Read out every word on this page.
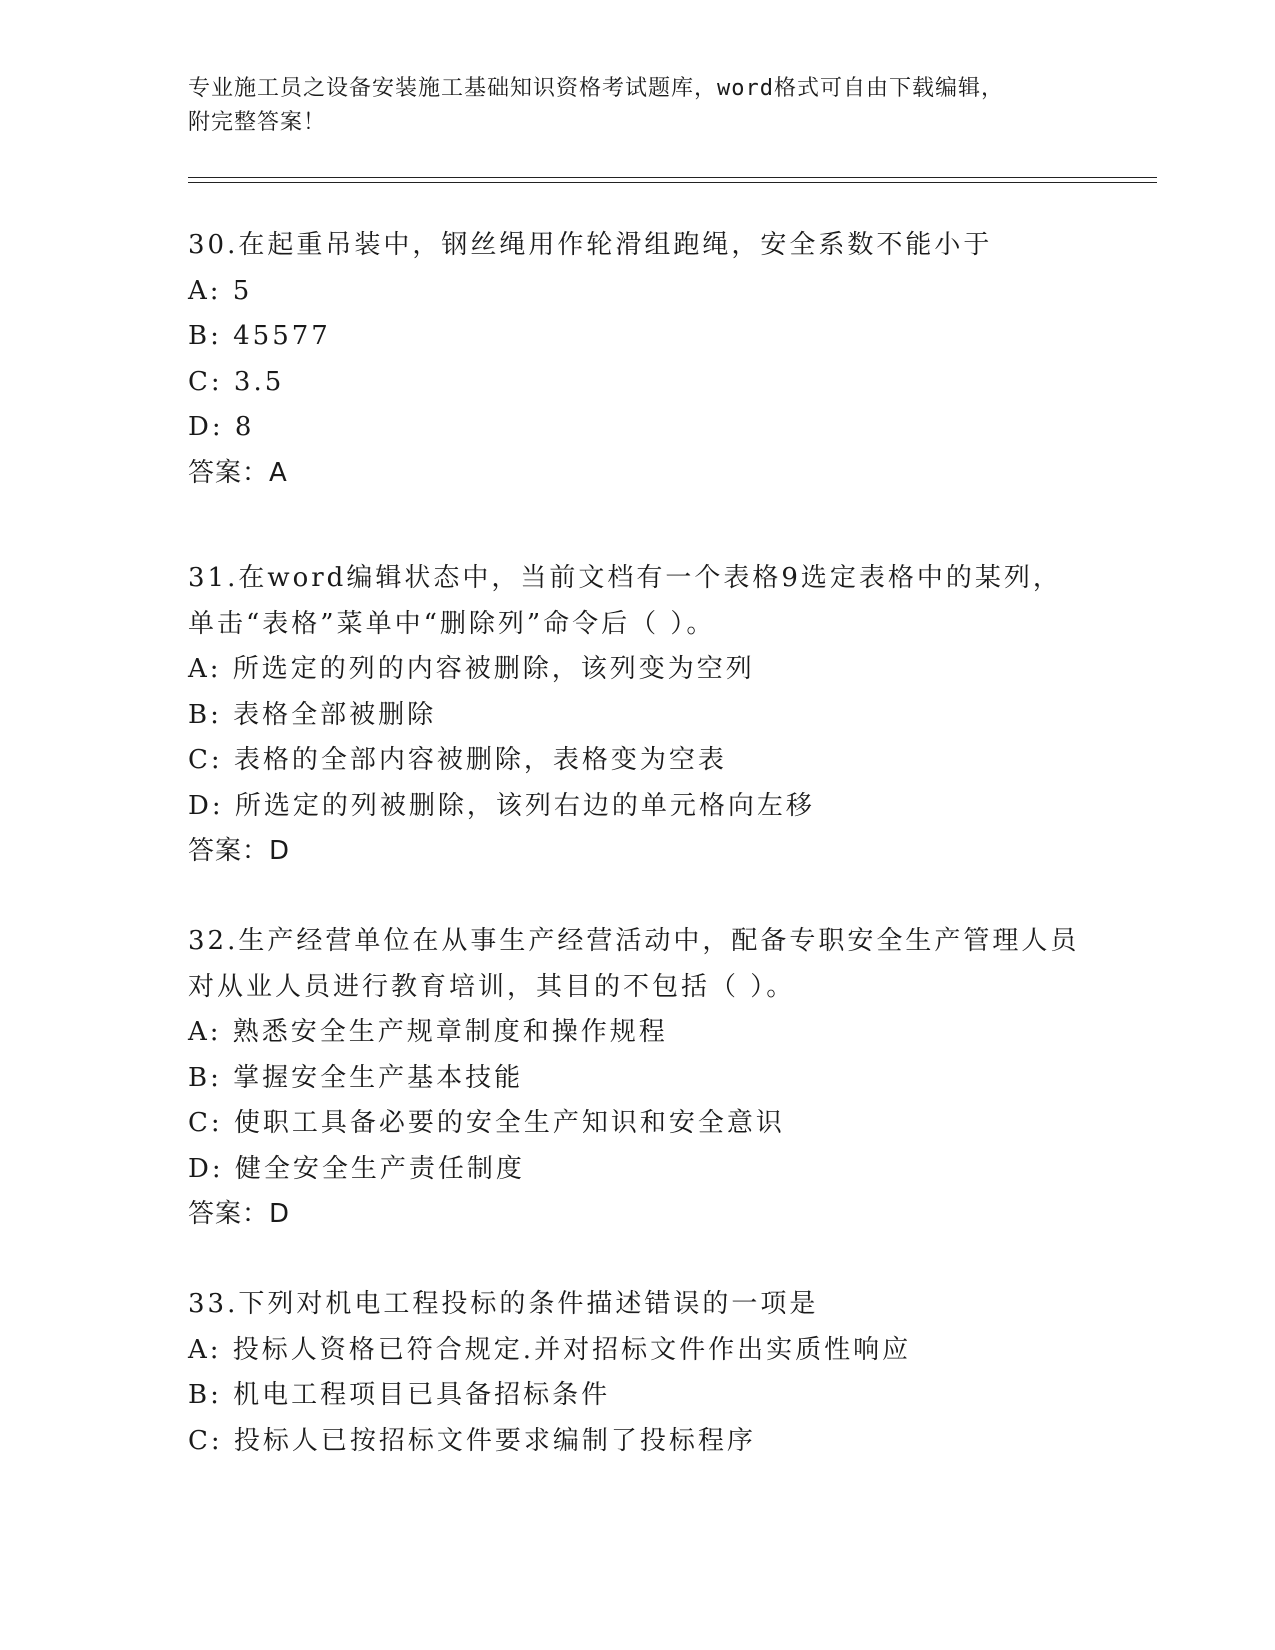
专业施工员之设备安装施工基础知识资格考试题库，word格式可自由下载编辑，
附完整答案！
30.在起重吊装中，钢丝绳用作轮滑组跑绳，安全系数不能小于
A: 5
B: 45577
C: 3.5
D: 8
答案：A
31.在word编辑状态中，当前文档有一个表格9选定表格中的某列，
单击“表格”菜单中“删除列”命令后（ ）。
A: 所选定的列的内容被删除，该列变为空列
B: 表格全部被删除
C: 表格的全部内容被删除，表格变为空表
D: 所选定的列被删除，该列右边的单元格向左移
答案：D
32.生产经营单位在从事生产经营活动中，配备专职安全生产管理人员
对从业人员进行教育培训，其目的不包括（ ）。
A: 熟悉安全生产规章制度和操作规程
B: 掌握安全生产基本技能
C: 使职工具备必要的安全生产知识和安全意识
D: 健全安全生产责任制度
答案：D
33.下列对机电工程投标的条件描述错误的一项是
A: 投标人资格已符合规定.并对招标文件作出实质性响应
B: 机电工程项目已具备招标条件
C: 投标人已按招标文件要求编制了投标程序
